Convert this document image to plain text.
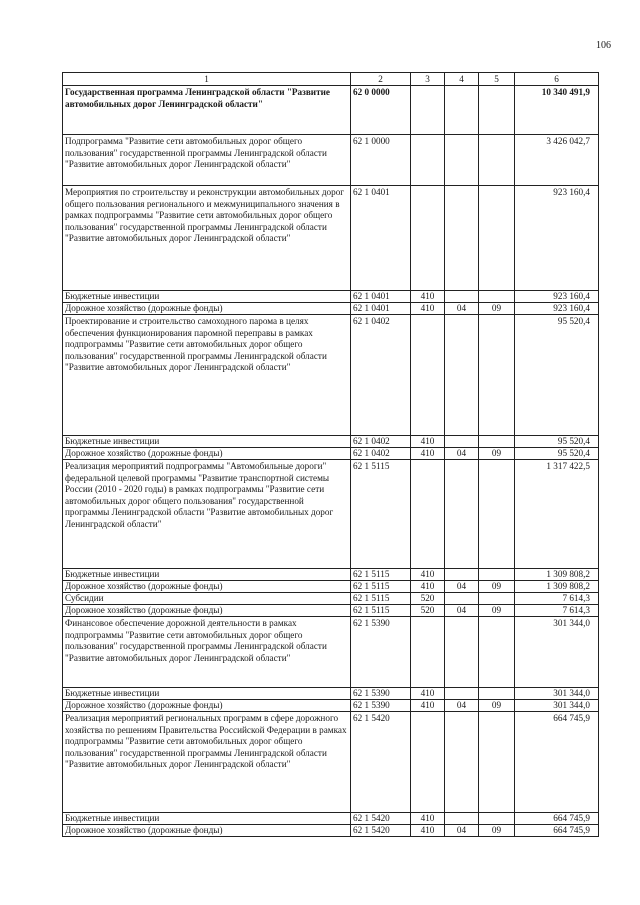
106
1	2	3	4	5	6
Государственная программа Ленинградской области "Развитие автомобильных дорог Ленинградской области"	62 0 0000				10 340 491,9
Подпрограмма "Развитие сети автомобильных дорог общего пользования" государственной программы Ленинградской области "Развитие автомобильных дорог Ленинградской области"	62 1 0000				3 426 042,7
Мероприятия по строительству и реконструкции автомобильных дорог общего пользования регионального и межмуниципального значения в рамках подпрограммы "Развитие сети автомобильных дорог общего пользования" государственной программы Ленинградской области "Развитие автомобильных дорог Ленинградской области"	62 1 0401				923 160,4
Бюджетные инвестиции	62 1 0401	410			923 160,4
Дорожное хозяйство (дорожные фонды)	62 1 0401	410	04	09	923 160,4
Проектирование и строительство самоходного парома в целях обеспечения функционирования паромной переправы в рамках подпрограммы "Развитие сети автомобильных дорог общего пользования" государственной программы Ленинградской области "Развитие автомобильных дорог Ленинградской области"	62 1 0402				95 520,4
Бюджетные инвестиции	62 1 0402	410			95 520,4
Дорожное хозяйство (дорожные фонды)	62 1 0402	410	04	09	95 520,4
Реализация мероприятий подпрограммы "Автомобильные дороги" федеральной целевой программы "Развитие транспортной системы России (2010 - 2020 годы) в рамках подпрограммы "Развитие сети автомобильных дорог общего пользования" государственной программы Ленинградской области "Развитие автомобильных дорог Ленинградской области"	62 1 5115				1 317 422,5
Бюджетные инвестиции	62 1 5115	410			1 309 808,2
Дорожное хозяйство (дорожные фонды)	62 1 5115	410	04	09	1 309 808,2
Субсидии	62 1 5115	520			7 614,3
Дорожное хозяйство (дорожные фонды)	62 1 5115	520	04	09	7 614,3
Финансовое обеспечение дорожной деятельности в рамках подпрограммы "Развитие сети автомобильных дорог общего пользования" государственной программы Ленинградской области "Развитие автомобильных дорог Ленинградской области"	62 1 5390				301 344,0
Бюджетные инвестиции	62 1 5390	410			301 344,0
Дорожное хозяйство (дорожные фонды)	62 1 5390	410	04	09	301 344,0
Реализация мероприятий региональных программ в сфере дорожного хозяйства по решениям Правительства Российской Федерации в рамках подпрограммы "Развитие сети автомобильных дорог общего пользования" государственной программы Ленинградской области "Развитие автомобильных дорог Ленинградской области"	62 1 5420				664 745,9
Бюджетные инвестиции	62 1 5420	410			664 745,9
Дорожное хозяйство (дорожные фонды)	62 1 5420	410	04	09	664 745,9
